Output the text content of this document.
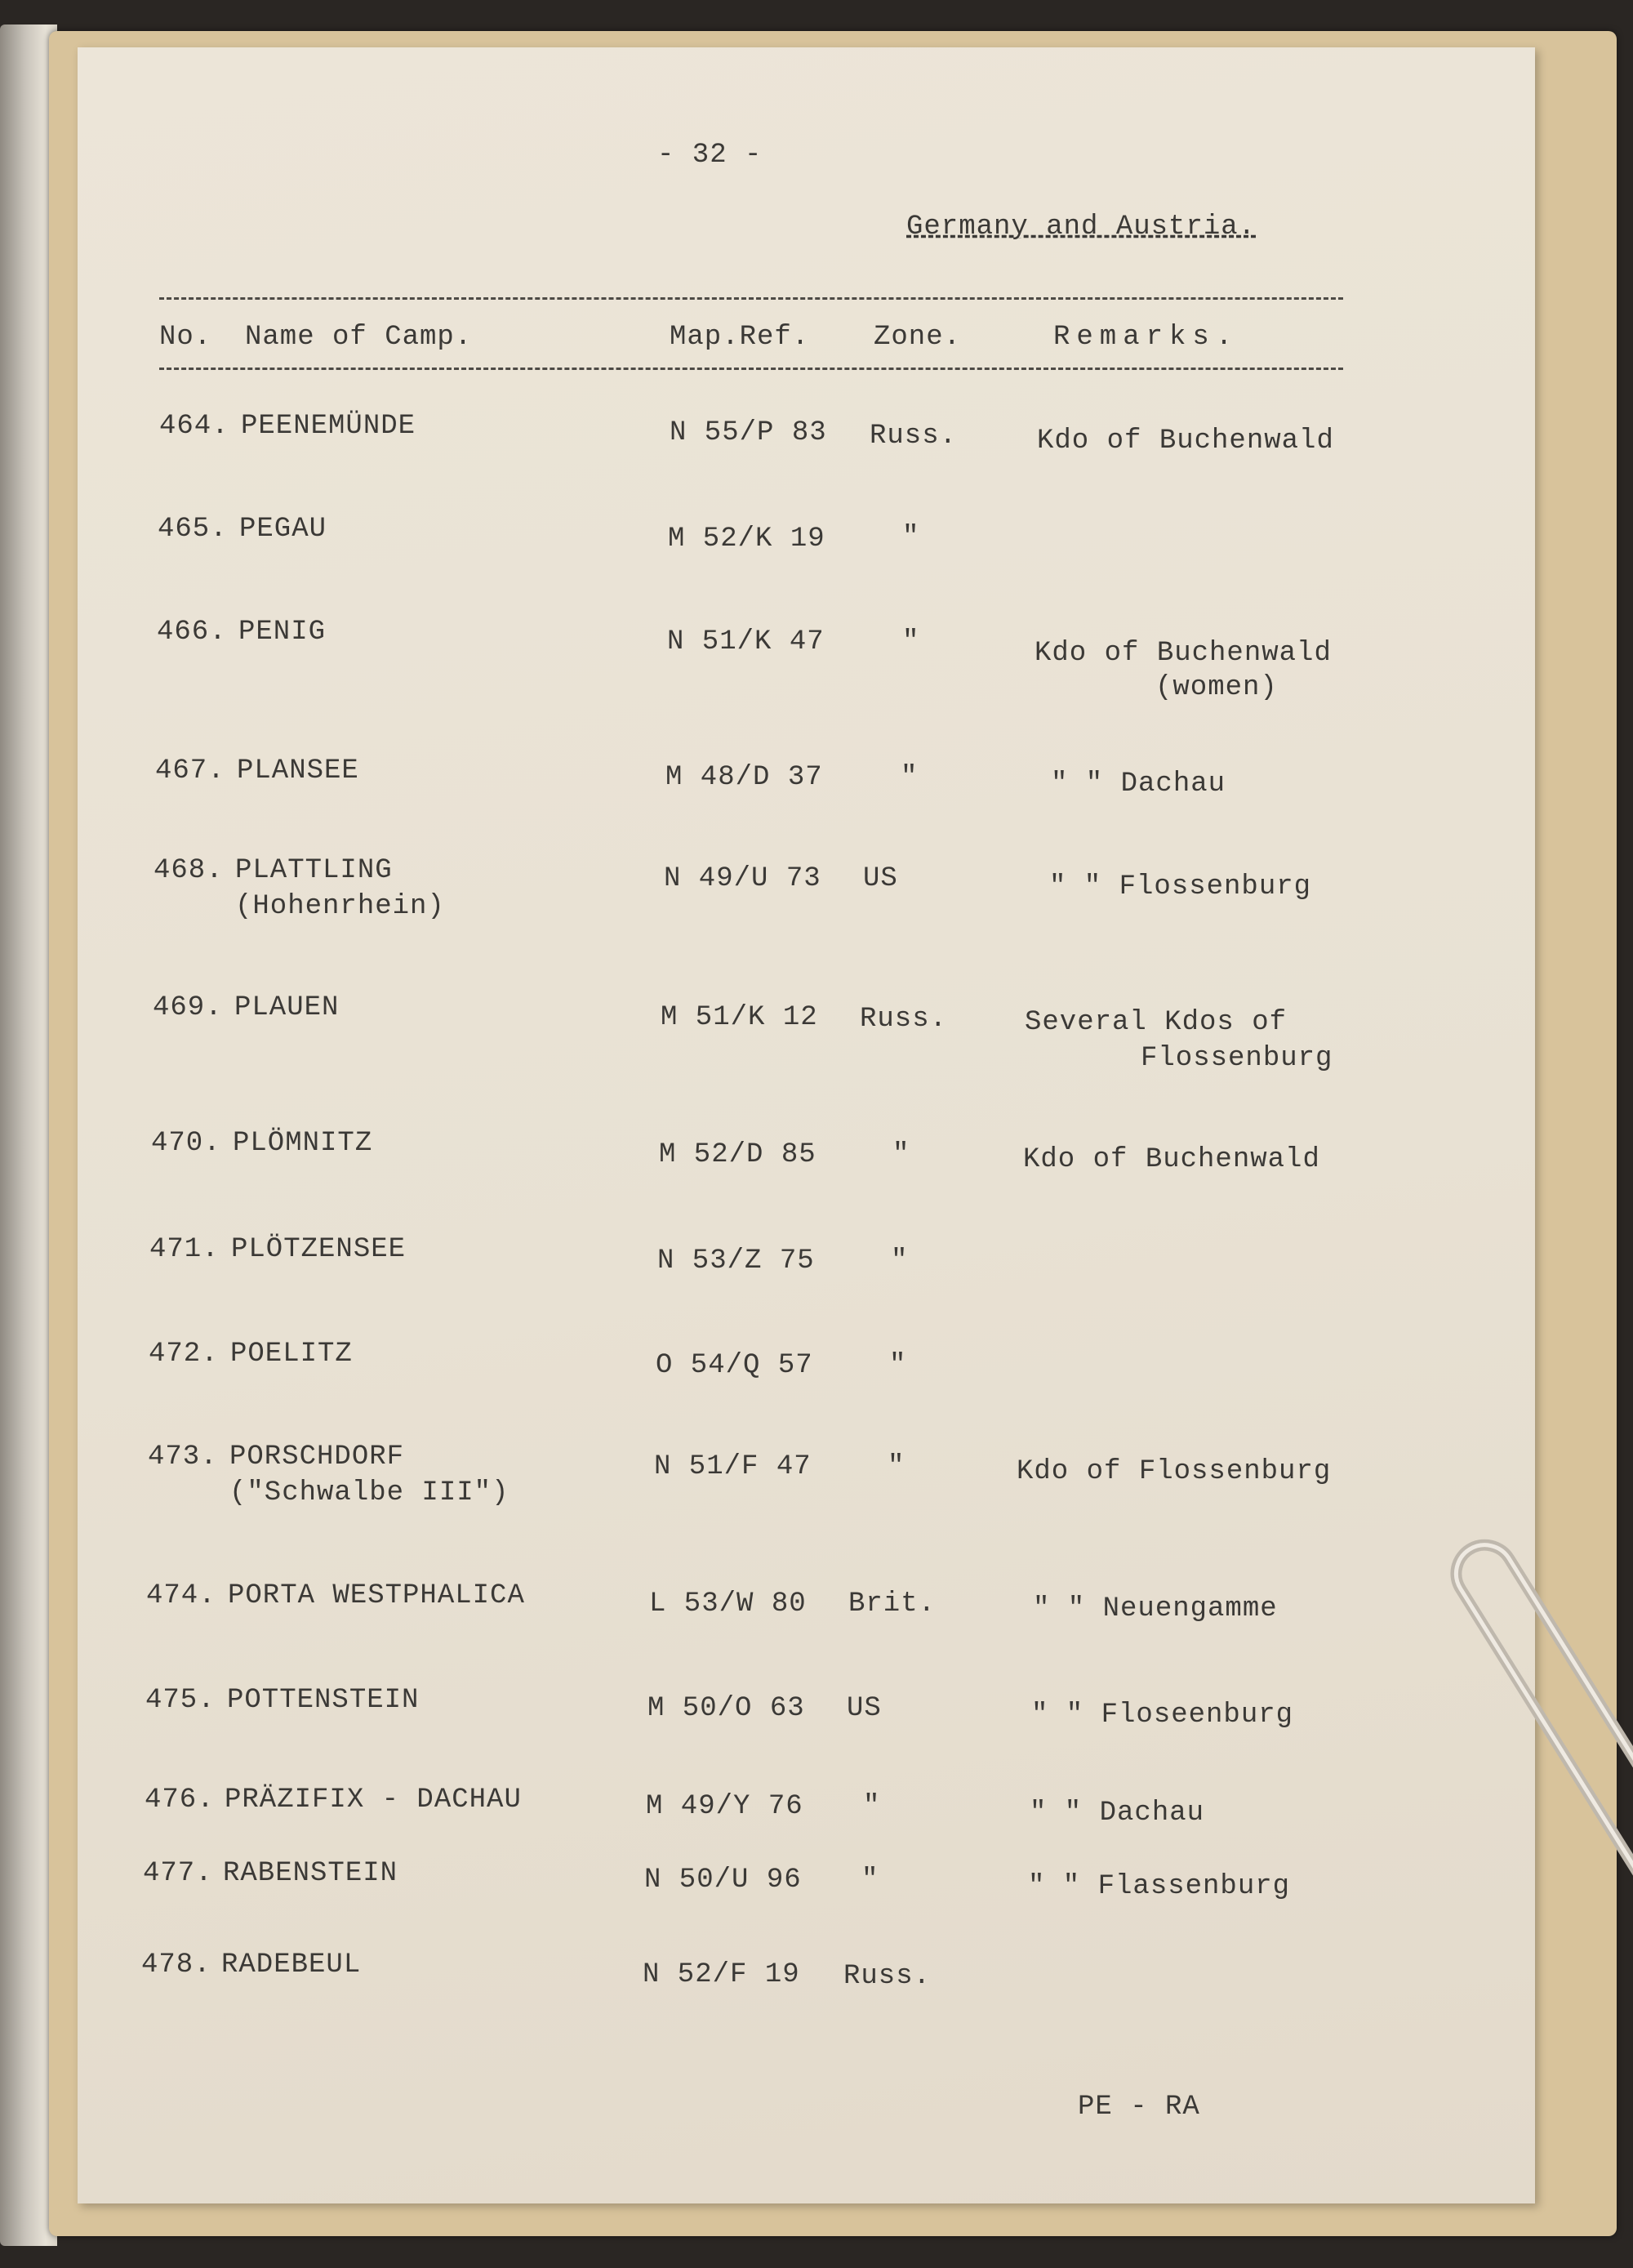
- 32 -
Germany and Austria.
No. Name of Camp.	Map.Ref. Zone.	Remarks.
464. PEENEMÜNDE	N 55/P 83 Russ.	Kdo of Buchenwald
465. PEGAU	M 52/K 19	"
466. PENIG	N 51/K 47	"	Kdo of Buchenwald
(women)
467. PLANSEE	M 48/D 37	"	" " Dachau
468. PLATTLING
(Hohenrhein)
N 49/U 73 US	" " Flossenburg
469. PLAUEN	M 51/K 12 Russ.	Several Kdos of
Flossenburg
470. PLÖMNITZ	M 52/D 85	"	Kdo of Buchenwald
471. PLÖTZENSEE	N 53/Z 75	"
472. POELITZ	O 54/Q 57	"
473. PORSCHDORF
("Schwalbe III")
N 51/F 47	"	Kdo of Flossenburg
474. PORTA WESTPHALICA	L 53/W 80 Brit.	" " Neuengamme
475. POTTENSTEIN	M 50/O 63 US	" " Floseenburg
476. PRÄZIFIX - DACHAU	M 49/Y 76 "	" " Dachau
477. RABENSTEIN	N 50/U 96 "	" " Flassenburg
478. RADEBEUL	N 52/F 19 Russ.
PE - RA
